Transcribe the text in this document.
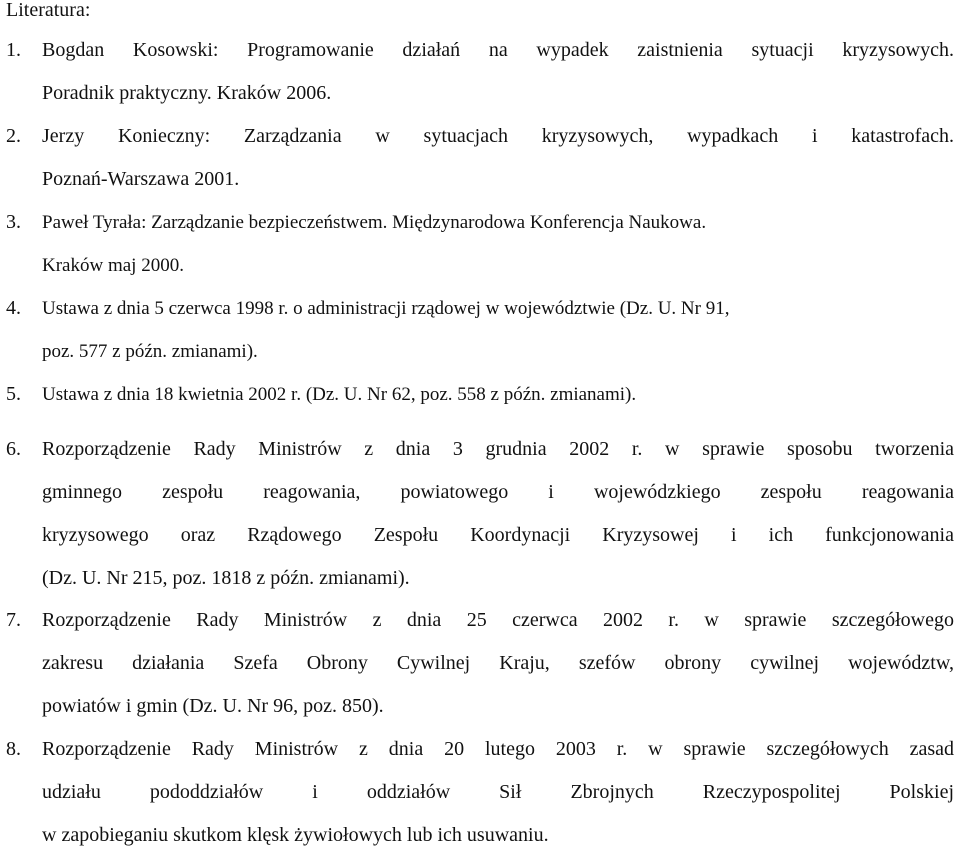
Literatura:
1. Bogdan Kosowski: Programowanie działań na wypadek zaistnienia sytuacji kryzysowych.
Poradnik praktyczny. Kraków 2006.
2. Jerzy Konieczny: Zarządzania w sytuacjach kryzysowych, wypadkach i katastrofach.
Poznań-Warszawa 2001.
3. Paweł Tyrała: Zarządzanie bezpieczeństwem. Międzynarodowa Konferencja Naukowa.
Kraków maj 2000.
4. Ustawa z dnia 5 czerwca 1998 r. o administracji rządowej w województwie (Dz. U. Nr 91,
poz. 577 z późn. zmianami).
5. Ustawa z dnia 18 kwietnia 2002 r. (Dz. U. Nr 62, poz. 558 z późn. zmianami).
6. Rozporządzenie Rady Ministrów z dnia 3 grudnia 2002 r. w sprawie sposobu tworzenia
gminnego zespołu reagowania, powiatowego i wojewódzkiego zespołu reagowania
kryzysowego oraz Rządowego Zespołu Koordynacji Kryzysowej i ich funkcjonowania
(Dz. U. Nr 215, poz. 1818 z późn. zmianami).
7. Rozporządzenie Rady Ministrów z dnia 25 czerwca 2002 r. w sprawie szczegółowego
zakresu działania Szefa Obrony Cywilnej Kraju, szefów obrony cywilnej województw,
powiatów i gmin (Dz. U. Nr 96, poz. 850).
8. Rozporządzenie Rady Ministrów z dnia 20 lutego 2003 r. w sprawie szczegółowych zasad
udziału pododdziałów i oddziałów Sił Zbrojnych Rzeczypospolitej Polskiej
w zapobieganiu skutkom klęsk żywiołowych lub ich usuwaniu.
